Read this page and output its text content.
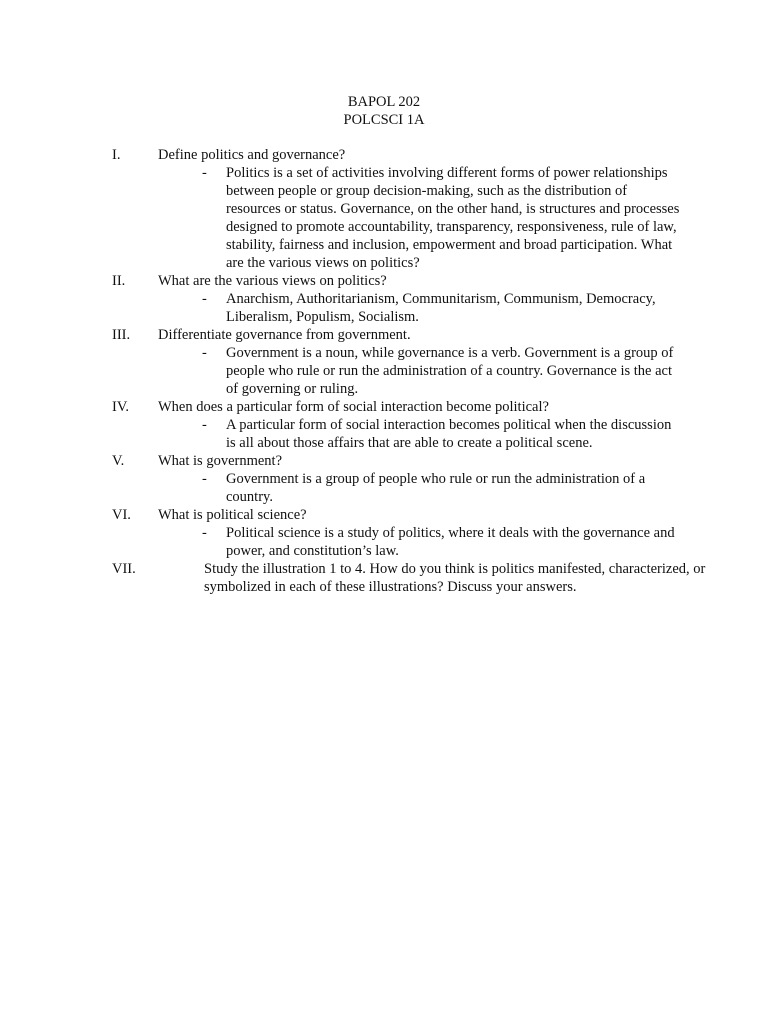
BAPOL 202
POLCSCI 1A
I.	Define politics and governance?
- Politics is a set of activities involving different forms of power relationships between people or group decision-making, such as the distribution of resources or status. Governance, on the other hand, is structures and processes designed to promote accountability, transparency, responsiveness, rule of law, stability, fairness and inclusion, empowerment and broad participation. What are the various views on politics?
II. What are the various views on politics?
- Anarchism, Authoritarianism, Communitarism, Communism, Democracy, Liberalism, Populism, Socialism.
III. Differentiate governance from government.
- Government is a noun, while governance is a verb. Government is a group of people who rule or run the administration of a country. Governance is the act of governing or ruling.
IV. When does a particular form of social interaction become political?
- A particular form of social interaction becomes political when the discussion is all about those affairs that are able to create a political scene.
V. What is government?
- Government is a group of people who rule or run the administration of a country.
VI. What is political science?
- Political science is a study of politics, where it deals with the governance and power, and constitution’s law.
VII.	Study the illustration 1 to 4. How do you think is politics manifested, characterized, or symbolized in each of these illustrations? Discuss your answers.
